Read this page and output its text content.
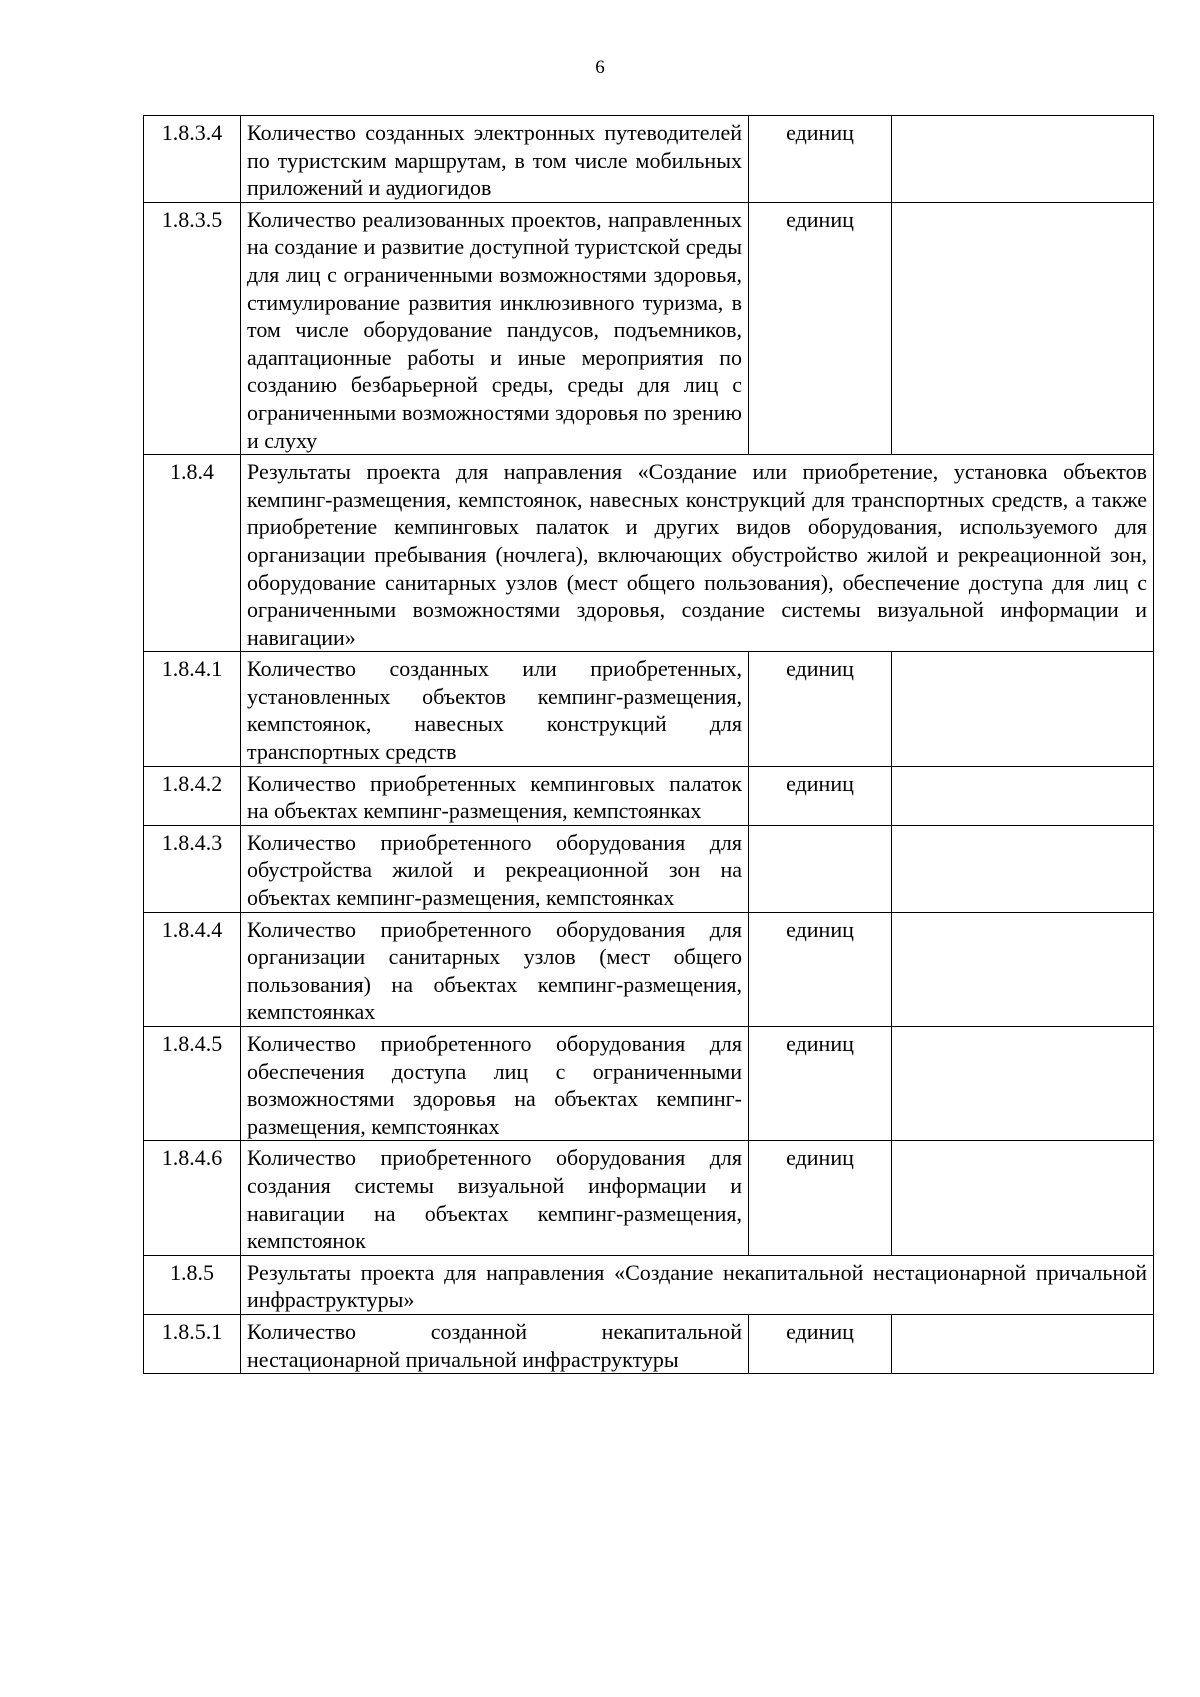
6
1.8.3.4	Количество созданных электронных путеводителей по туристским маршрутам, в том числе мобильных приложений и аудиогидов	единиц	
1.8.3.5	Количество реализованных проектов, направленных на создание и развитие доступной туристской среды для лиц с ограниченными возможностями здоровья, стимулирование развития инклюзивного туризма, в том числе оборудование пандусов, подъемников, адаптационные работы и иные мероприятия по созданию безбарьерной среды, среды для лиц с ограниченными возможностями здоровья по зрению и слуху	единиц	
1.8.4	Результаты проекта для направления «Создание или приобретение, установка объектов кемпинг-размещения, кемпстоянок, навесных конструкций для транспортных средств, а также приобретение кемпинговых палаток и других видов оборудования, используемого для организации пребывания (ночлега), включающих обустройство жилой и рекреационной зон, оборудование санитарных узлов (мест общего пользования), обеспечение доступа для лиц с ограниченными возможностями здоровья, создание системы визуальной информации и навигации»		
1.8.4.1	Количество созданных или приобретенных, установленных объектов кемпинг-размещения, кемпстоянок, навесных конструкций для транспортных средств	единиц	
1.8.4.2	Количество приобретенных кемпинговых палаток на объектах кемпинг-размещения, кемпстоянках	единиц	
1.8.4.3	Количество приобретенного оборудования для обустройства жилой и рекреационной зон на объектах кемпинг-размещения, кемпстоянках		
1.8.4.4	Количество приобретенного оборудования для организации санитарных узлов (мест общего пользования) на объектах кемпинг-размещения, кемпстоянках	единиц	
1.8.4.5	Количество приобретенного оборудования для обеспечения доступа лиц с ограниченными возможностями здоровья на объектах кемпинг-размещения, кемпстоянках	единиц	
1.8.4.6	Количество приобретенного оборудования для создания системы визуальной информации и навигации на объектах кемпинг-размещения, кемпстоянок	единиц	
1.8.5	Результаты проекта для направления «Создание некапитальной нестационарной причальной инфраструктуры»		
1.8.5.1	Количество созданной некапитальной нестационарной причальной инфраструктуры	единиц	
